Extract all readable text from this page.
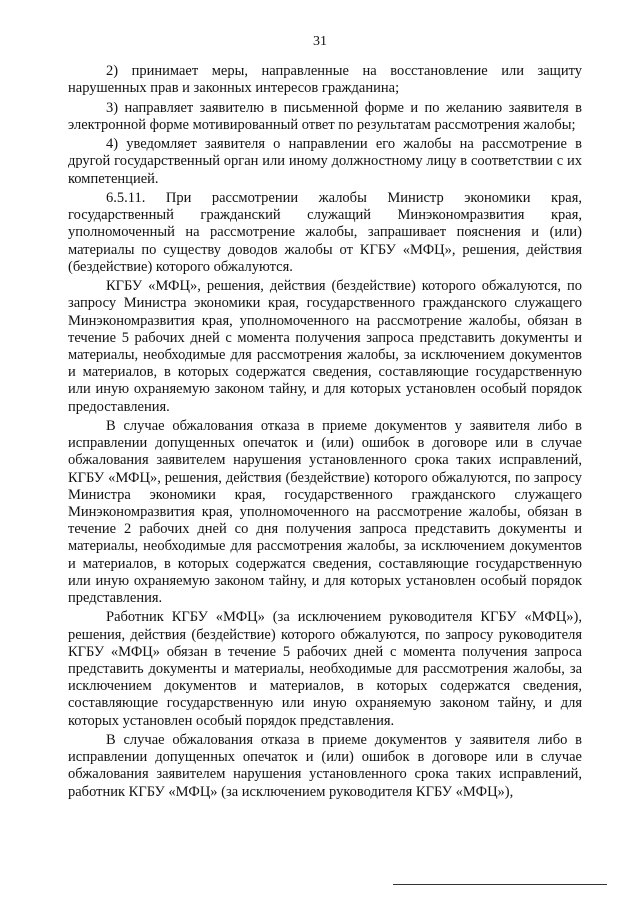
31

2) принимает меры, направленные на восстановление или защиту нарушенных прав и законных интересов гражданина;

3) направляет заявителю в письменной форме и по желанию заявителя в электронной форме мотивированный ответ по результатам рассмотрения жалобы;

4) уведомляет заявителя о направлении его жалобы на рассмотрение в другой государственный орган или иному должностному лицу в соответствии с их компетенцией.

6.5.11. При рассмотрении жалобы Министр экономики края, государственный гражданский служащий Минэкономразвития края, уполномоченный на рассмотрение жалобы, запрашивает пояснения и (или) материалы по существу доводов жалобы от КГБУ «МФЦ», решения, действия (бездействие) которого обжалуются.

КГБУ «МФЦ», решения, действия (бездействие) которого обжалуются, по запросу Министра экономики края, государственного гражданского служащего Минэкономразвития края, уполномоченного на рассмотрение жалобы, обязан в течение 5 рабочих дней с момента получения запроса представить документы и материалы, необходимые для рассмотрения жалобы, за исключением документов и материалов, в которых содержатся сведения, составляющие государственную или иную охраняемую законом тайну, и для которых установлен особый порядок предоставления.

В случае обжалования отказа в приеме документов у заявителя либо в исправлении допущенных опечаток и (или) ошибок в договоре или в случае обжалования заявителем нарушения установленного срока таких исправлений, КГБУ «МФЦ», решения, действия (бездействие) которого обжалуются, по запросу Министра экономики края, государственного гражданского служащего Минэкономразвития края, уполномоченного на рассмотрение жалобы, обязан в течение 2 рабочих дней со дня получения запроса представить документы и материалы, необходимые для рассмотрения жалобы, за исключением документов и материалов, в которых содержатся сведения, составляющие государственную или иную охраняемую законом тайну, и для которых установлен особый порядок представления.

Работник КГБУ «МФЦ» (за исключением руководителя КГБУ «МФЦ»), решения, действия (бездействие) которого обжалуются, по запросу руководителя КГБУ «МФЦ» обязан в течение 5 рабочих дней с момента получения запроса представить документы и материалы, необходимые для рассмотрения жалобы, за исключением документов и материалов, в которых содержатся сведения, составляющие государственную или иную охраняемую законом тайну, и для которых установлен особый порядок представления.

В случае обжалования отказа в приеме документов у заявителя либо в исправлении допущенных опечаток и (или) ошибок в договоре или в случае обжалования заявителем нарушения установленного срока таких исправлений, работник КГБУ «МФЦ» (за исключением руководителя КГБУ «МФЦ»),
